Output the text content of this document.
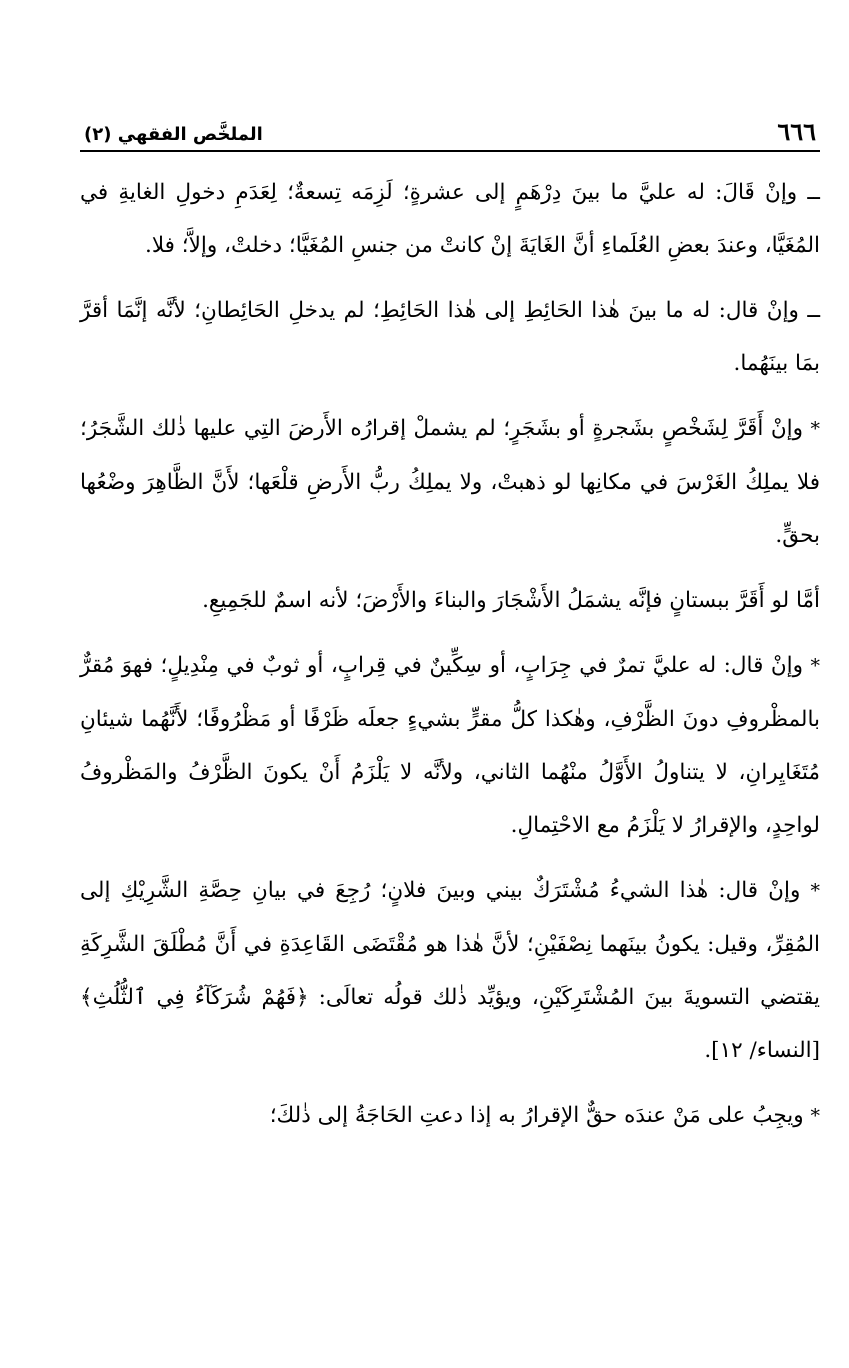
٦٦٦
الملخَّص الفقهي (٢)

ــ وإنْ قَالَ: له عليَّ ما بينَ دِرْهَمٍ إلى عشرةٍ؛ لَزِمَه تِسعةٌ؛ لِعَدَمِ دخولِ الغايةِ في المُغَيَّا، وعندَ بعضِ العُلَماءِ أنَّ الغَايَةَ إنْ كانتْ من جنسِ المُغَيَّا؛ دخلتْ، وإلاَّ؛ فلا.

ــ وإنْ قال: له ما بينَ هٰذا الحَائِطِ إلى هٰذا الحَائِطِ؛ لم يدخلِ الحَائِطانِ؛ لأنَّه إنَّمَا أقرَّ بمَا بينَهُما.

* وإنْ أَقَرَّ لِشَخْصٍ بشَجرةٍ أو بشَجَرٍ؛ لم يشملْ إقرارُه الأَرضَ التِي عليها ذٰلك الشَّجَرُ؛ فلا يملِكُ الغَرْسَ في مكانِها لو ذهبتْ، ولا يملِكُ ربُّ الأَرضِ قلْعَها؛ لأَنَّ الظَّاهِرَ وضْعُها بحقٍّ.

أمَّا لو أَقَرَّ ببستانٍ فإنَّه يشمَلُ الأَشْجَارَ والبناءَ والأَرْضَ؛ لأنه اسمٌ للجَمِيعِ.

* وإنْ قال: له عليَّ تمرٌ في جِرَابٍ، أو سِكِّينٌ في قِرابٍ، أو ثوبٌ في مِنْدِيلٍ؛ فهوَ مُقرٌّ بالمظْروفِ دونَ الظَّرْفِ، وهٰكذا كلُّ مقرٍّ بشيءٍ جعلَه ظَرْفًا أو مَظْرُوفًا؛ لأَنَّهُما شيئانِ مُتَغَايِرانِ، لا يتناولُ الأَوَّلُ منْهُما الثاني، ولأنَّه لا يَلْزَمُ أَنْ يكونَ الظَّرْفُ والمَظْروفُ لواحِدٍ، والإقرارُ لا يَلْزَمُ مع الاحْتِمالِ.

* وإنْ قال: هٰذا الشيءُ مُشْتَرَكٌ بيني وبينَ فلانٍ؛ رُجِعَ في بيانِ حِصَّةِ الشَّرِيْكِ إلى المُقِرِّ، وقيل: يكونُ بينَهما نِصْفَيْنِ؛ لأنَّ هٰذا هو مُقْتَضَى القَاعِدَةِ في أَنَّ مُطْلَقَ الشَّرِكَةِ يقتضي التسويةَ بينَ المُشْتَرِكَيْنِ، ويؤيِّد ذٰلك قولُه تعالَى: ﴿فَهُمْ شُرَكَآءُ فِي ٱلثُّلُثِ﴾ [النساء/ ١٢].

* ويجِبُ على مَنْ عندَه حقٌّ الإقرارُ به إذا دعتِ الحَاجَةُ إلى ذٰلكَ؛
